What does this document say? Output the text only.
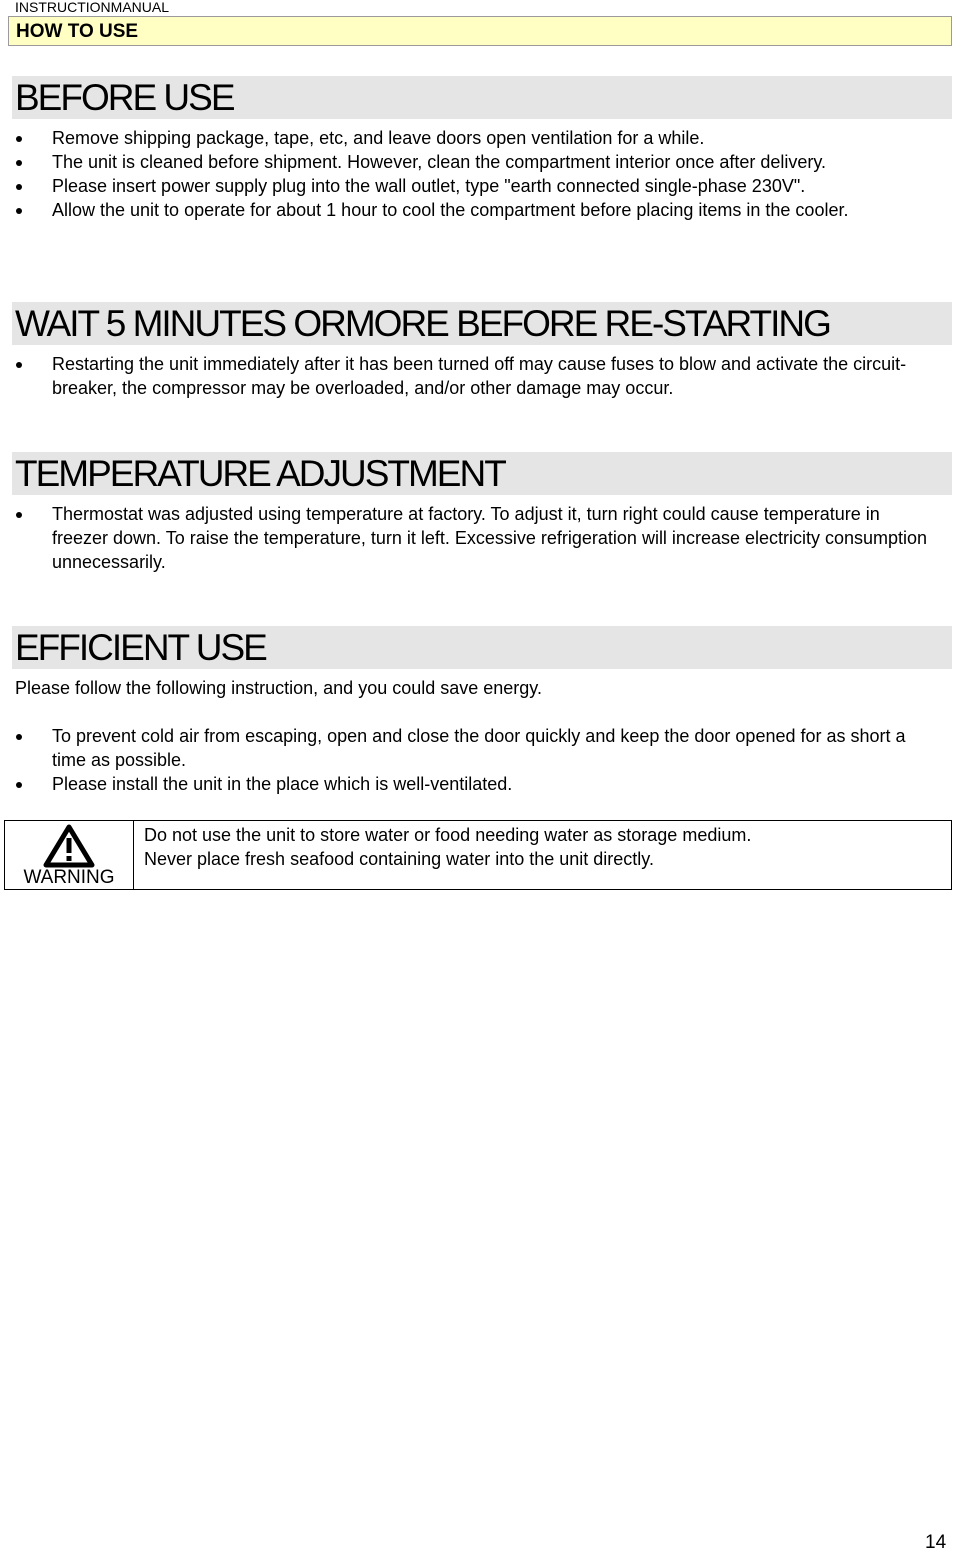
INSTRUCTIONMANUAL
HOW TO USE
BEFORE USE
Remove shipping package, tape, etc, and leave doors open ventilation for a while.
The unit is cleaned before shipment. However, clean the compartment interior once after delivery.
Please insert power supply plug into the wall outlet, type "earth connected single-phase 230V".
Allow the unit to operate for about 1 hour to cool the compartment before placing items in the cooler.
WAIT 5 MINUTES ORMORE BEFORE RE-STARTING
Restarting the unit immediately after it has been turned off may cause fuses to blow and activate the circuit-breaker, the compressor may be overloaded, and/or other damage may occur.
TEMPERATURE ADJUSTMENT
Thermostat was adjusted using temperature at factory. To adjust it, turn right could cause temperature in freezer down. To raise the temperature, turn it left. Excessive refrigeration will increase electricity consumption unnecessarily.
EFFICIENT USE
Please follow the following instruction, and you could save energy.
To prevent cold air from escaping, open and close the door quickly and keep the door opened for as short a time as possible.
Please install the unit in the place which is well-ventilated.
WARNING
Do not use the unit to store water or food needing water as storage medium.
Never place fresh seafood containing water into the unit directly.
14
